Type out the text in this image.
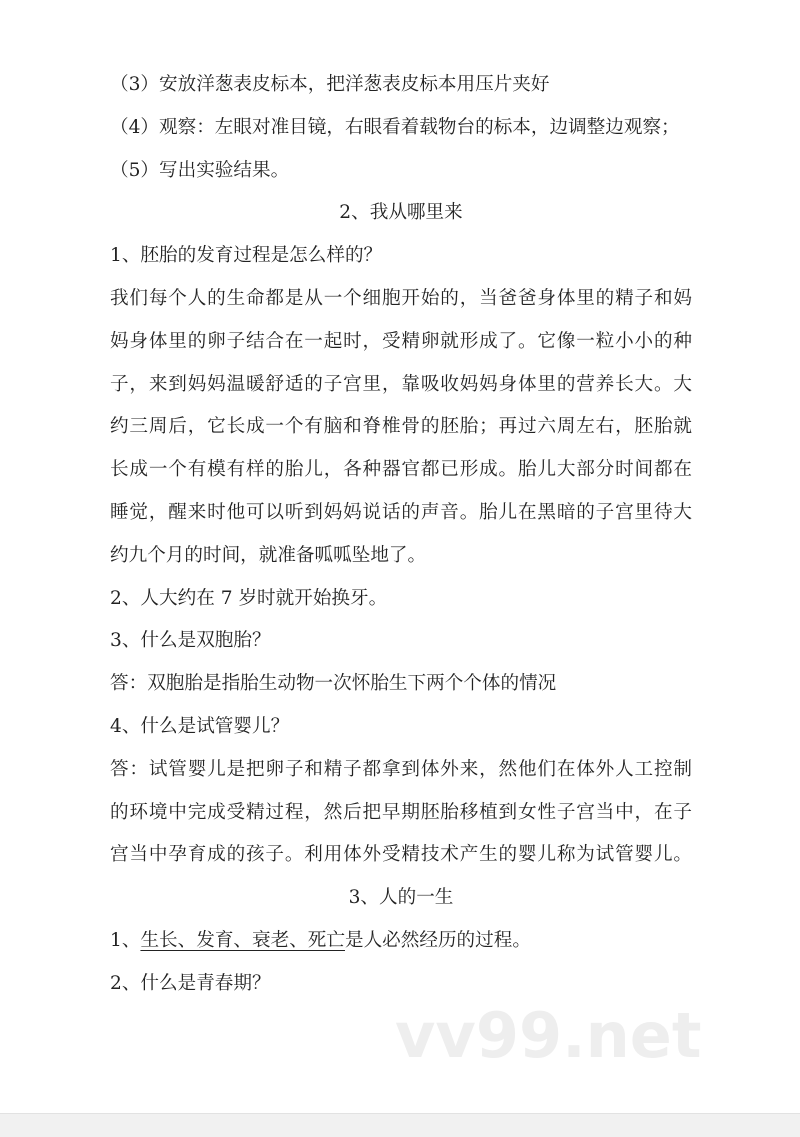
（3）安放洋葱表皮标本，把洋葱表皮标本用压片夹好
（4）观察：左眼对准目镜，右眼看着载物台的标本，边调整边观察；
（5）写出实验结果。
2、我从哪里来
1、胚胎的发育过程是怎么样的？
我们每个人的生命都是从一个细胞开始的，当爸爸身体里的精子和妈
妈身体里的卵子结合在一起时，受精卵就形成了。它像一粒小小的种
子，来到妈妈温暖舒适的子宫里，靠吸收妈妈身体里的营养长大。大
约三周后，它长成一个有脑和脊椎骨的胚胎；再过六周左右，胚胎就
长成一个有模有样的胎儿，各种器官都已形成。胎儿大部分时间都在
睡觉，醒来时他可以听到妈妈说话的声音。胎儿在黑暗的子宫里待大
约九个月的时间，就准备呱呱坠地了。
2、人大约在 7 岁时就开始换牙。
3、什么是双胞胎？
答：双胞胎是指胎生动物一次怀胎生下两个个体的情况
4、什么是试管婴儿？
答：试管婴儿是把卵子和精子都拿到体外来，然他们在体外人工控制
的环境中完成受精过程，然后把早期胚胎移植到女性子宫当中，在子
宫当中孕育成的孩子。利用体外受精技术产生的婴儿称为试管婴儿。
3、人的一生
1、生长、发育、衰老、死亡是人必然经历的过程。
2、什么是青春期？
vv99.net
